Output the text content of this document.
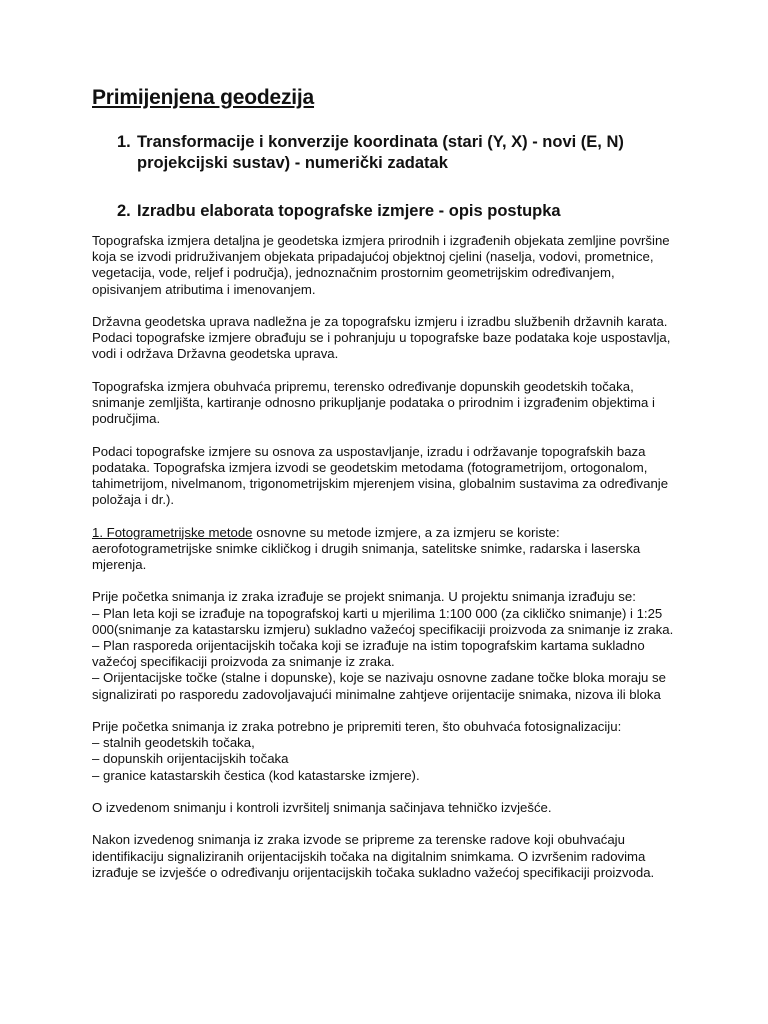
Primijenjena geodezija
1. Transformacije i konverzije koordinata (stari (Y, X) - novi (E, N) projekcijski sustav) - numerički zadatak
2. Izradbu elaborata topografske izmjere - opis postupka

Topografska izmjera detaljna je geodetska izmjera prirodnih i izgrađenih objekata zemljine površine koja se izvodi pridruživanjem objekata pripadajućoj objektnoj cjelini (naselja, vodovi, prometnice, vegetacija, vode, reljef i područja), jednoznačnim prostornim geometrijskim određivanjem, opisivanjem atributima i imenovanjem.

Državna geodetska uprava nadležna je za topografsku izmjeru i izradbu službenih državnih karata. Podaci topografske izmjere obrađuju se i pohranjuju u topografske baze podataka koje uspostavlja, vodi i održava Državna geodetska uprava.

Topografska izmjera obuhvaća pripremu, terensko određivanje dopunskih geodetskih točaka, snimanje zemljišta, kartiranje odnosno prikupljanje podataka o prirodnim i izgrađenim objektima i područjima.

Podaci topografske izmjere su osnova za uspostavljanje, izradu i održavanje topografskih baza podataka. Topografska izmjera izvodi se geodetskim metodama (fotogrametrijom, ortogonalom, tahimetrijom, nivelmanom, trigonometrijskim mjerenjem visina, globalnim sustavima za određivanje položaja i dr.).

1. Fotogrametrijske metode osnovne su metode izmjere, a za izmjeru se koriste: aerofotogrametrijske snimke cikličkog i drugih snimanja, satelitske snimke, radarska i laserska mjerenja.

Prije početka snimanja iz zraka izrađuje se projekt snimanja. U projektu snimanja izrađuju se:
– Plan leta koji se izrađuje na topografskoj karti u mjerilima 1:100 000 (za cikličko snimanje) i 1:25 000(snimanje za katastarsku izmjeru) sukladno važećoj specifikaciji proizvoda za snimanje iz zraka.
– Plan rasporeda orijentacijskih točaka koji se izrađuje na istim topografskim kartama sukladno važećoj specifikaciji proizvoda za snimanje iz zraka.
– Orijentacijske točke (stalne i dopunske), koje se nazivaju osnovne zadane točke bloka moraju se signalizirati po rasporedu zadovoljavajući minimalne zahtjeve orijentacije snimaka, nizova ili bloka

Prije početka snimanja iz zraka potrebno je pripremiti teren, što obuhvaća fotosignalizaciju:
– stalnih geodetskih točaka,
– dopunskih orijentacijskih točaka
– granice katastarskih čestica (kod katastarske izmjere).

O izvedenom snimanju i kontroli izvršitelj snimanja sačinjava tehničko izvješće.

Nakon izvedenog snimanja iz zraka izvode se pripreme za terenske radove koji obuhvaćaju identifikaciju signaliziranih orijentacijskih točaka na digitalnim snimkama. O izvršenim radovima izrađuje se izvješće o određivanju orijentacijskih točaka sukladno važećoj specifikaciji proizvoda.
